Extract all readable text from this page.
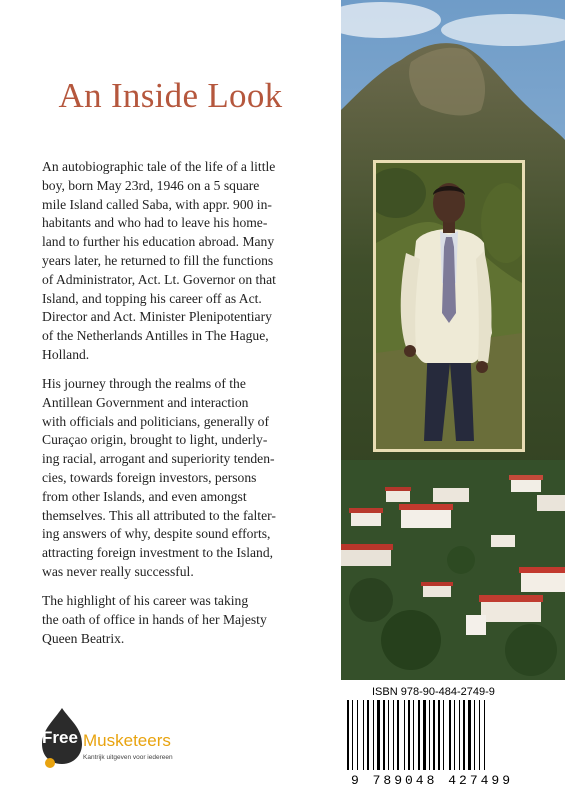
An Inside Look

An autobiographic tale of the life of a little
boy, born May 23rd, 1946 on a 5 square
mile Island called Saba, with appr. 900 in-
habitants and who had to leave his home-
land to further his education abroad. Many
years later, he returned to fill the functions
of Administrator, Act. Lt. Governor on that
Island, and topping his career off as Act.
Director and Act. Minister Plenipotentiary
of the Netherlands Antilles in The Hague,
Holland.

His journey through the realms of the
Antillean Government and interaction
with officials and politicians, generally of
Curaçao origin, brought to light, underly-
ing racial, arrogant and superiority tenden-
cies, towards foreign investors, persons
from other Islands, and even amongst
themselves. This all attributed to the falter-
ing answers of why, despite sound efforts,
attracting foreign investment to the Island,
was never really successful.

The highlight of his career was taking
the oath of office in hands of her Majesty
Queen Beatrix.

Free Musketeers
Kantrijk uitgeven voor iedereen
ISBN 978-90-484-2749-9
9 789048 427499
